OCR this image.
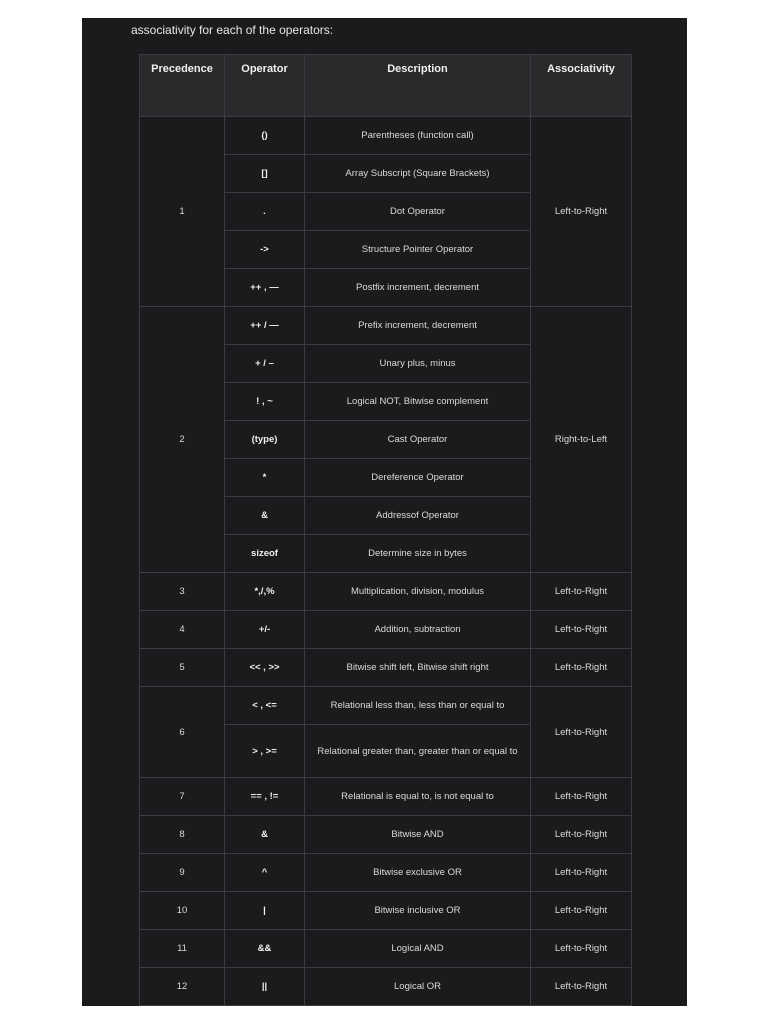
associativity for each of the operators:
Precedence	Operator	Description	Associativity
1	()	Parentheses (function call)	Left-to-Right
	[]	Array Subscript (Square Brackets)	
	.	Dot Operator	
	->	Structure Pointer Operator	
	++ , —	Postfix increment, decrement	
2	++ / —	Prefix increment, decrement	Right-to-Left
	+ / –	Unary plus, minus	
	! , ~	Logical NOT, Bitwise complement	
	(type)	Cast Operator	
	*	Dereference Operator	
	&	Addressof Operator	
	sizeof	Determine size in bytes	
3	*,/,%	Multiplication, division, modulus	Left-to-Right
4	+/-	Addition, subtraction	Left-to-Right
5	<< , >>	Bitwise shift left, Bitwise shift right	Left-to-Right
6	< , <=	Relational less than, less than or equal to	Left-to-Right
	> , >=	Relational greater than, greater than or equal to	
7	== , !=	Relational is equal to, is not equal to	Left-to-Right
8	&	Bitwise AND	Left-to-Right
9	^	Bitwise exclusive OR	Left-to-Right
10	|	Bitwise inclusive OR	Left-to-Right
11	&&	Logical AND	Left-to-Right
12	||	Logical OR	Left-to-Right
